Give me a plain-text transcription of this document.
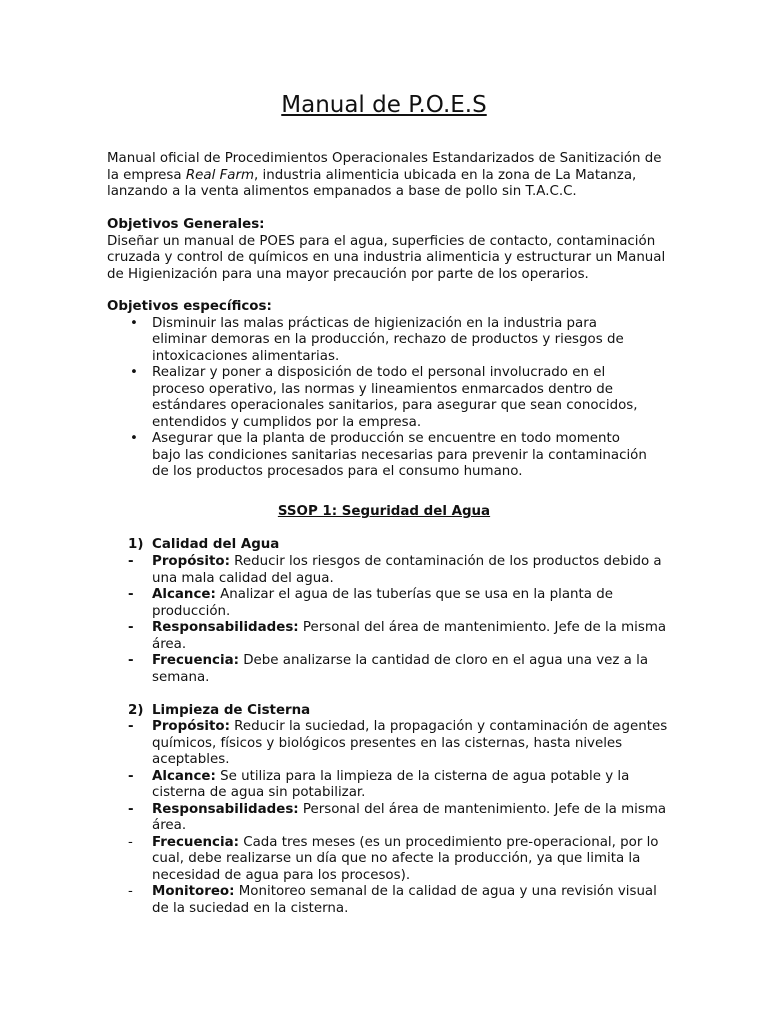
Manual de P.O.E.S
Manual oficial de Procedimientos Operacionales Estandarizados de Sanitización de la empresa Real Farm, industria alimenticia ubicada en la zona de La Matanza, lanzando a la venta alimentos empanados a base de pollo sin T.A.C.C.
Objetivos Generales:
Diseñar un manual de POES para el agua, superficies de contacto, contaminación cruzada y control de químicos en una industria alimenticia y estructurar un Manual de Higienización para una mayor precaución por parte de los operarios.
Objetivos específicos:
• Disminuir las malas prácticas de higienización en la industria para eliminar demoras en la producción, rechazo de productos y riesgos de intoxicaciones alimentarias.
• Realizar y poner a disposición de todo el personal involucrado en el proceso operativo, las normas y lineamientos enmarcados dentro de estándares operacionales sanitarios, para asegurar que sean conocidos, entendidos y cumplidos por la empresa.
• Asegurar que la planta de producción se encuentre en todo momento bajo las condiciones sanitarias necesarias para prevenir la contaminación de los productos procesados para el consumo humano.
SSOP 1: Seguridad del Agua
1) Calidad del Agua
- Propósito: Reducir los riesgos de contaminación de los productos debido a una mala calidad del agua.
- Alcance: Analizar el agua de las tuberías que se usa en la planta de producción.
- Responsabilidades: Personal del área de mantenimiento. Jefe de la misma área.
- Frecuencia: Debe analizarse la cantidad de cloro en el agua una vez a la semana.
2) Limpieza de Cisterna
- Propósito: Reducir la suciedad, la propagación y contaminación de agentes químicos, físicos y biológicos presentes en las cisternas, hasta niveles aceptables.
- Alcance: Se utiliza para la limpieza de la cisterna de agua potable y la cisterna de agua sin potabilizar.
- Responsabilidades: Personal del área de mantenimiento. Jefe de la misma área.
- Frecuencia: Cada tres meses (es un procedimiento pre-operacional, por lo cual, debe realizarse un día que no afecte la producción, ya que limita la necesidad de agua para los procesos).
- Monitoreo: Monitoreo semanal de la calidad de agua y una revisión visual de la suciedad en la cisterna.
